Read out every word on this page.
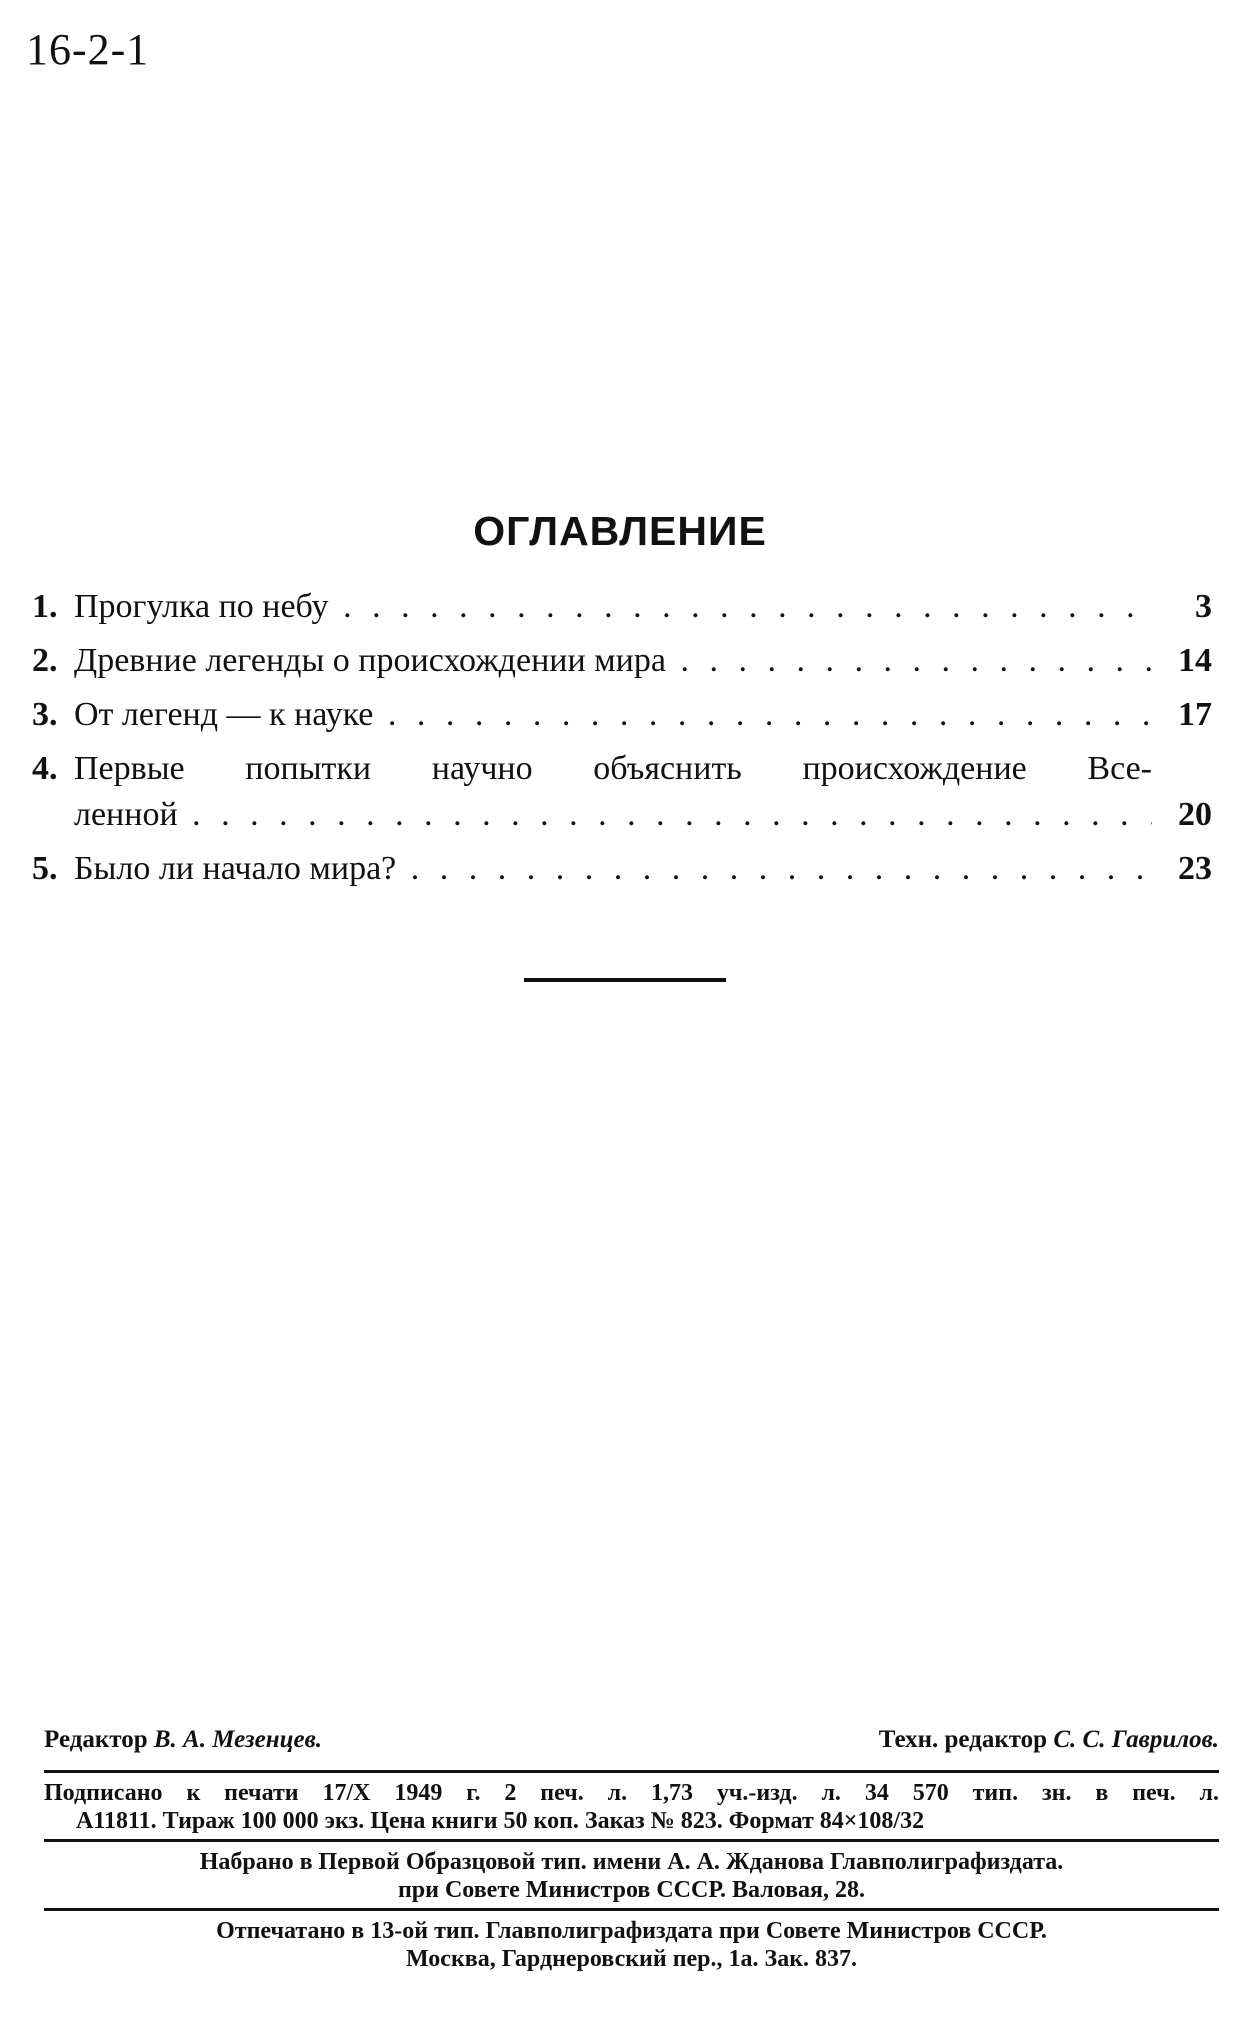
16-2-1
ОГЛАВЛЕНИЕ
1. Прогулка по небу . . .	3
2. Древние легенды о происхождении мира . . .	14
3. От легенд — к науке . . .	17
4. Первые попытки научно объяснить происхождение Все-
ленной . . .	20
5. Было ли начало мира? . . .	23
Редактор В. А. Мезенцев.	Техн. редактор С. С. Гаврилов.

Подписано к печати 17/X 1949 г. 2 печ. л. 1,73 уч.-изд. л. 34 570 тип. зн. в печ. л.

А11811. Тираж 100 000 экз. Цена книги 50 коп. Заказ № 823. Формат 84×108/32

Набрано в Первой Образцовой тип. имени А. А. Жданова Главполиграфиздата.

при Совете Министров СССР. Валовая, 28.

Отпечатано в 13-ой тип. Главполиграфиздата при Совете Министров СССР.

Москва, Гарднеровский пер., 1а. Зак. 837.
